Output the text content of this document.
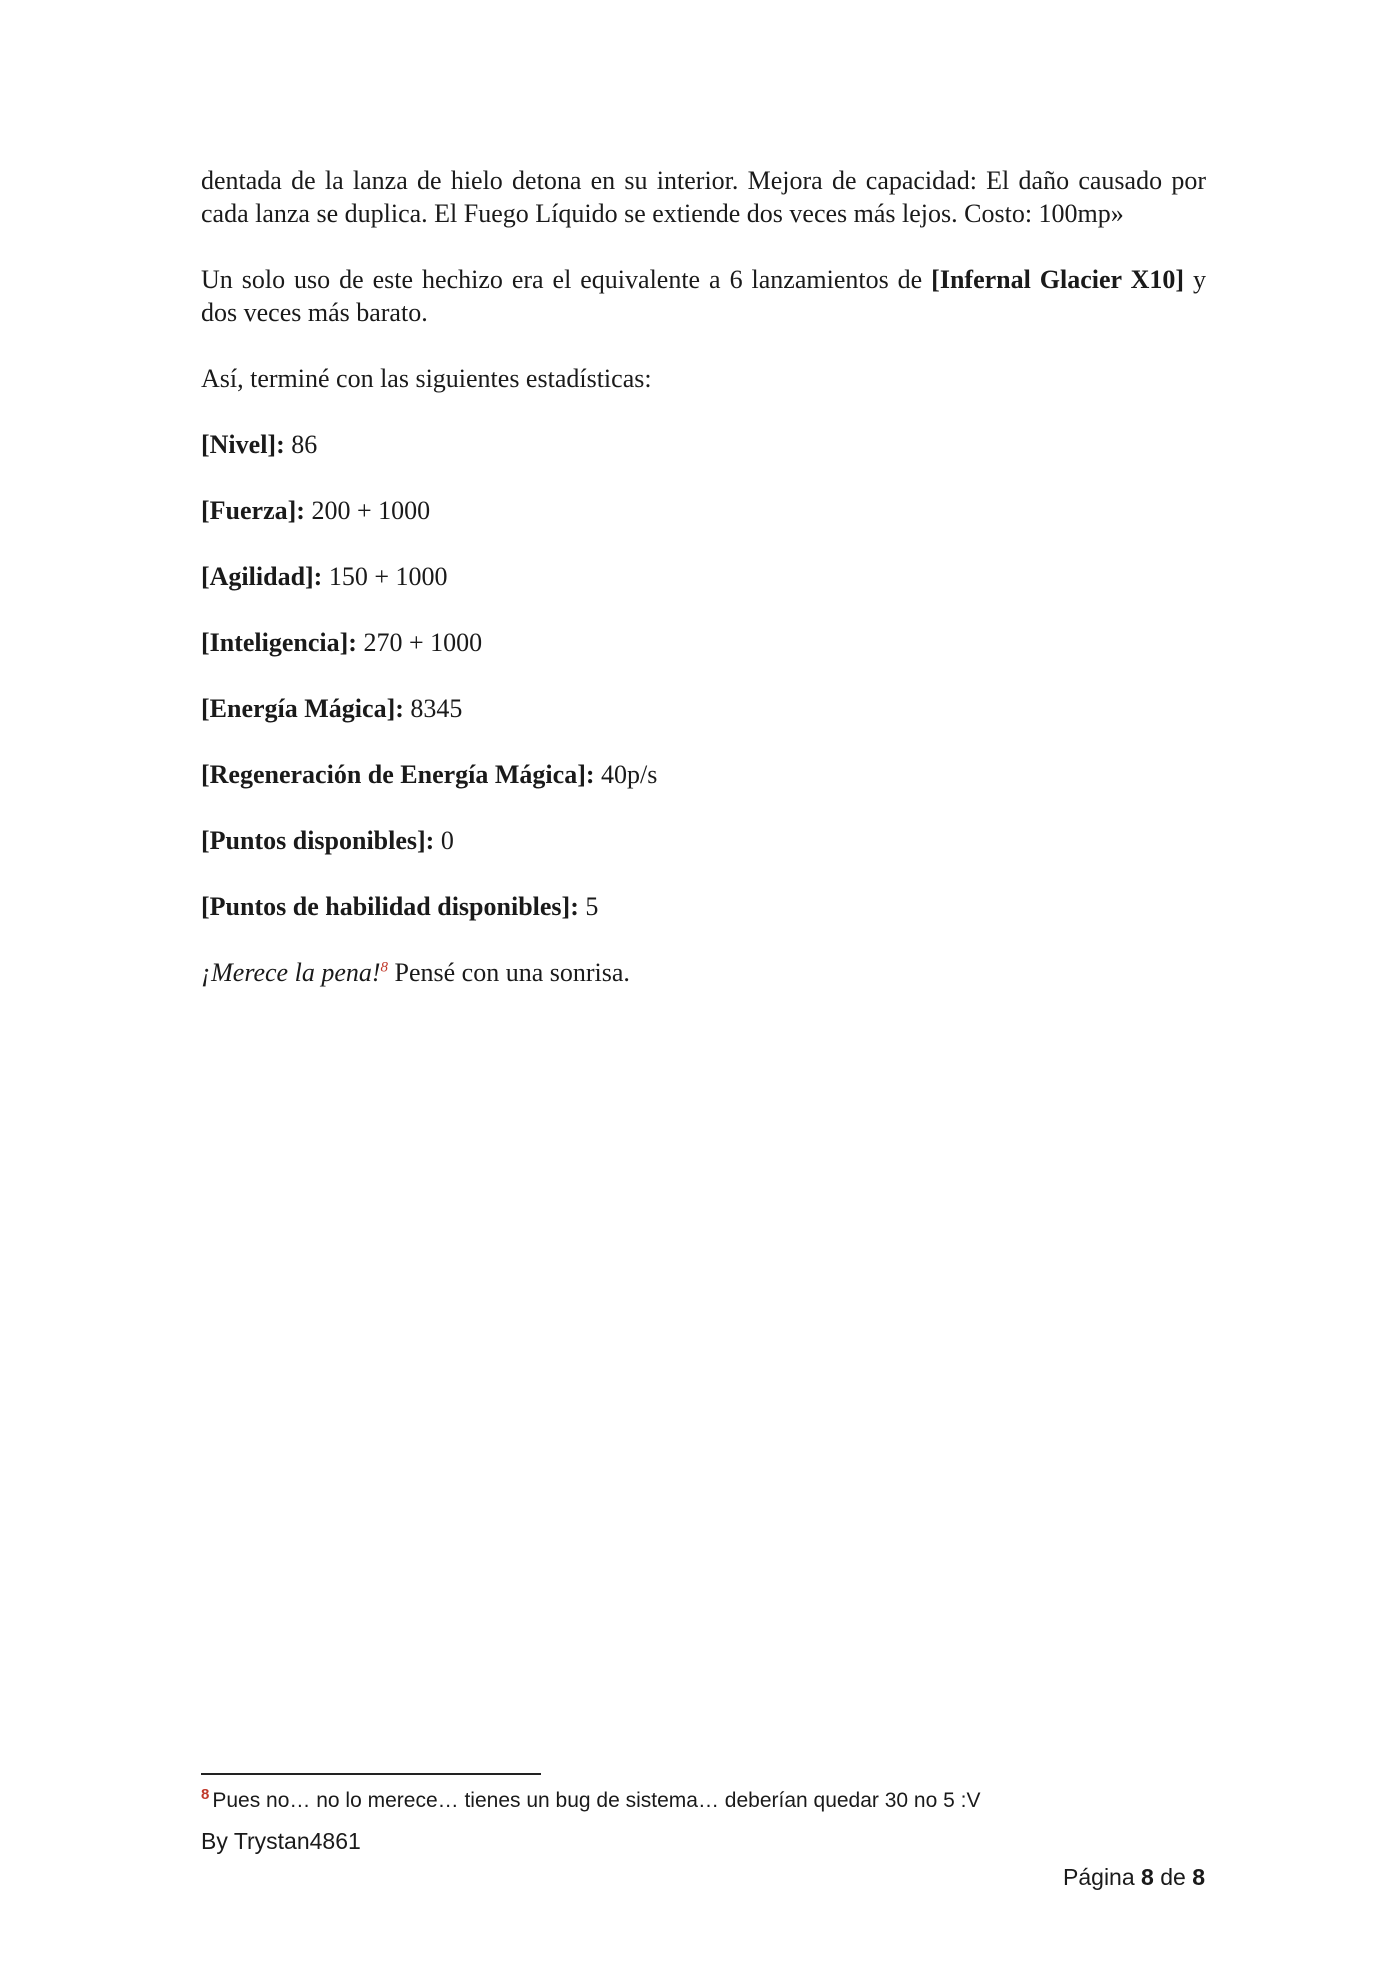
dentada de la lanza de hielo detona en su interior. Mejora de capacidad: El daño causado por cada lanza se duplica. El Fuego Líquido se extiende dos veces más lejos. Costo: 100mp»

Un solo uso de este hechizo era el equivalente a 6 lanzamientos de [Infernal Glacier X10] y dos veces más barato.

Así, terminé con las siguientes estadísticas:

[Nivel]: 86

[Fuerza]: 200 + 1000

[Agilidad]: 150 + 1000

[Inteligencia]: 270 + 1000

[Energía Mágica]: 8345

[Regeneración de Energía Mágica]: 40p/s

[Puntos disponibles]: 0

[Puntos de habilidad disponibles]: 5

¡Merece la pena!$^8$ Pensé con una sonrisa.

$^8$ Pues no… no lo merece… tienes un bug de sistema… deberían quedar 30 no 5 :V
By Trystan4861
Página 8 de 8
